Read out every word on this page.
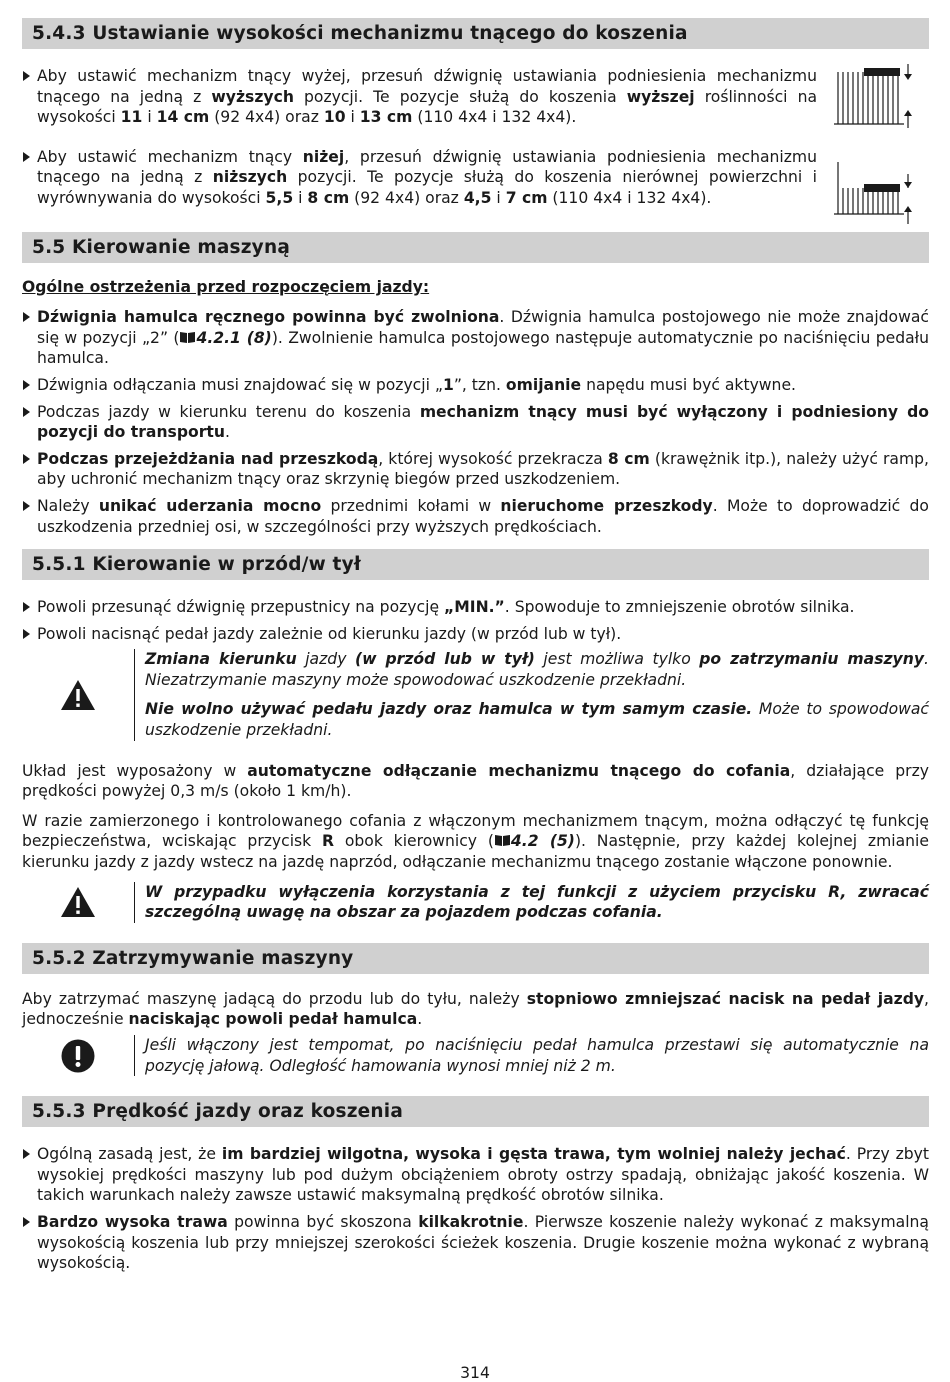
5.4.3 Ustawianie wysokości mechanizmu tnącego do koszenia
Aby ustawić mechanizm tnący wyżej, przesuń dźwignię ustawiania podniesienia mechanizmu tnącego na jedną z wyższych pozycji. Te pozycje służą do koszenia wyższej roślinności na wysokości 11 i 14 cm (92 4x4) oraz 10 i 13 cm (110 4x4 i 132 4x4).
Aby ustawić mechanizm tnący niżej, przesuń dźwignię ustawiania podniesienia mechanizmu tnącego na jedną z niższych pozycji. Te pozycje służą do koszenia nierównej powierzchni i wyrównywania do wysokości 5,5 i 8 cm (92 4x4) oraz 4,5 i 7 cm (110 4x4 i 132 4x4).
5.5 Kierowanie maszyną
Ogólne ostrzeżenia przed rozpoczęciem jazdy:
Dźwignia hamulca ręcznego powinna być zwolniona. Dźwignia hamulca postojowego nie może znajdować się w pozycji „2” ( 4.2.1 (8)). Zwolnienie hamulca postojowego następuje automatycznie po naciśnięciu pedału hamulca.
Dźwignia odłączania musi znajdować się w pozycji „1”, tzn. omijanie napędu musi być aktywne.
Podczas jazdy w kierunku terenu do koszenia mechanizm tnący musi być wyłączony i podniesiony do pozycji do transportu.
Podczas przejeżdżania nad przeszkodą, której wysokość przekracza 8 cm (krawężnik itp.), należy użyć ramp, aby uchronić mechanizm tnący oraz skrzynię biegów przed uszkodzeniem.
Należy unikać uderzania mocno przednimi kołami w nieruchome przeszkody. Może to doprowadzić do uszkodzenia przedniej osi, w szczególności przy wyższych prędkościach.
5.5.1 Kierowanie w przód/w tył
Powoli przesunąć dźwignię przepustnicy na pozycję „MIN.”. Spowoduje to zmniejszenie obrotów silnika.
Powoli nacisnąć pedał jazdy zależnie od kierunku jazdy (w przód lub w tył).

Zmiana kierunku jazdy (w przód lub w tył) jest możliwa tylko po zatrzymaniu maszyny. Niezatrzymanie maszyny może spowodować uszkodzenie przekładni.

Nie wolno używać pedału jazdy oraz hamulca w tym samym czasie. Może to spowodować uszkodzenie przekładni.

Układ jest wyposażony w automatyczne odłączanie mechanizmu tnącego do cofania, działające przy prędkości powyżej 0,3 m/s (około 1 km/h).
W razie zamierzonego i kontrolowanego cofania z włączonym mechanizmem tnącym, można odłączyć tę funkcję bezpieczeństwa, wciskając przycisk R obok kierownicy ( 4.2 (5)). Następnie, przy każdej kolejnej zmianie kierunku jazdy z jazdy wstecz na jazdę naprzód, odłączanie mechanizmu tnącego zostanie włączone ponownie.

W przypadku wyłączenia korzystania z tej funkcji z użyciem przycisku R, zwracać szczególną uwagę na obszar za pojazdem podczas cofania.

5.5.2 Zatrzymywanie maszyny
Aby zatrzymać maszynę jadącą do przodu lub do tyłu, należy stopniowo zmniejszać nacisk na pedał jazdy, jednocześnie naciskając powoli pedał hamulca.

Jeśli włączony jest tempomat, po naciśnięciu pedał hamulca przestawi się automatycznie na pozycję jałową. Odległość hamowania wynosi mniej niż 2 m.

5.5.3 Prędkość jazdy oraz koszenia
Ogólną zasadą jest, że im bardziej wilgotna, wysoka i gęsta trawa, tym wolniej należy jechać. Przy zbyt wysokiej prędkości maszyny lub pod dużym obciążeniem obroty ostrzy spadają, obniżając jakość koszenia. W takich warunkach należy zawsze ustawić maksymalną prędkość obrotów silnika.
Bardzo wysoka trawa powinna być skoszona kilkakrotnie. Pierwsze koszenie należy wykonać z maksymalną wysokością koszenia lub przy mniejszej szerokości ścieżek koszenia. Drugie koszenie można wykonać z wybraną wysokością.
314
